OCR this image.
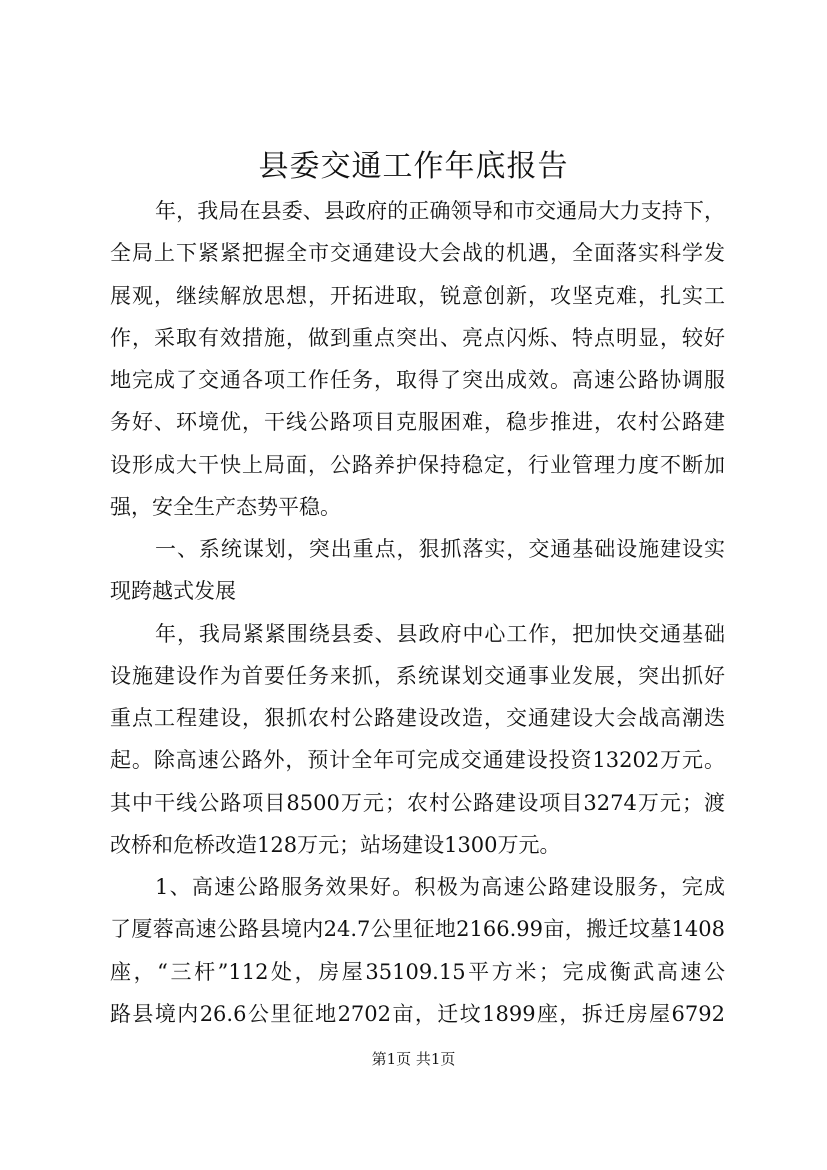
县委交通工作年底报告
年，我局在县委、县政府的正确领导和市交通局大力支持下，
全局上下紧紧把握全市交通建设大会战的机遇，全面落实科学发
展观，继续解放思想，开拓进取，锐意创新，攻坚克难，扎实工
作，采取有效措施，做到重点突出、亮点闪烁、特点明显，较好
地完成了交通各项工作任务，取得了突出成效。高速公路协调服
务好、环境优，干线公路项目克服困难，稳步推进，农村公路建
设形成大干快上局面，公路养护保持稳定，行业管理力度不断加
强，安全生产态势平稳。
一、系统谋划，突出重点，狠抓落实，交通基础设施建设实
现跨越式发展
年，我局紧紧围绕县委、县政府中心工作，把加快交通基础
设施建设作为首要任务来抓，系统谋划交通事业发展，突出抓好
重点工程建设，狠抓农村公路建设改造，交通建设大会战高潮迭
起。除高速公路外，预计全年可完成交通建设投资13202万元。
其中干线公路项目8500万元；农村公路建设项目3274万元；渡
改桥和危桥改造128万元；站场建设1300万元。
1、高速公路服务效果好。积极为高速公路建设服务，完成
了厦蓉高速公路县境内24.7公里征地2166.99亩，搬迁坟墓1408
座，“三杆”112处，房屋35109.15平方米；完成衡武高速公
路县境内26.6公里征地2702亩，迁坟1899座，拆迁房屋6792
第1页 共1页
